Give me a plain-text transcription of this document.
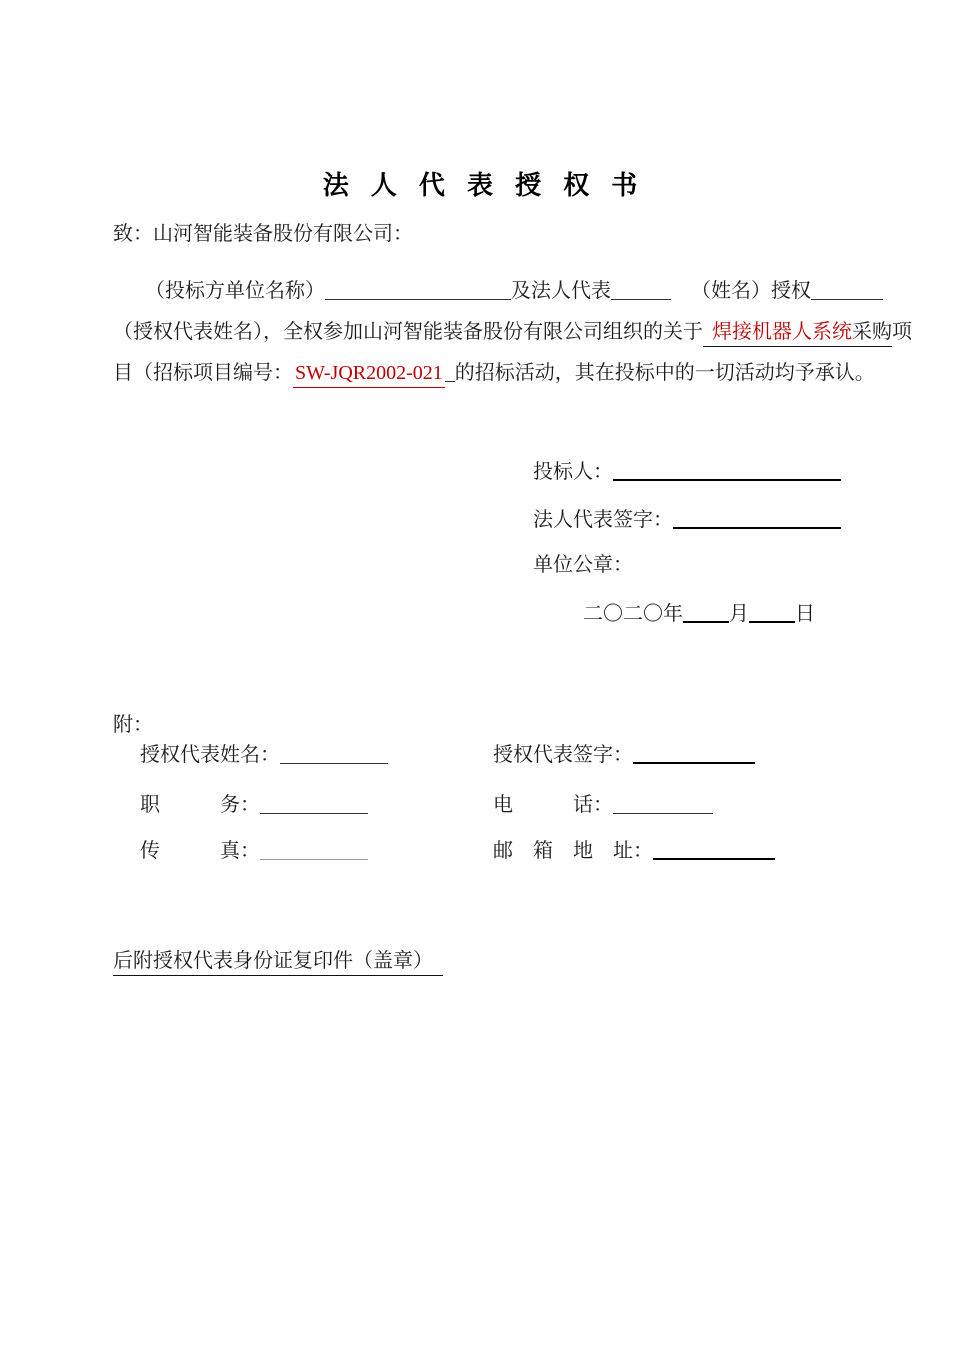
法人代表授权书
致：山河智能装备股份有限公司：
（投标方单位名称）	及法人代表	（姓名）授权
（授权代表姓名），全权参加山河智能装备股份有限公司组织的关于 焊接机器人系统采购项
目（招标项目编号： SW-JQR2002-021 的招标活动，其在投标中的一切活动均予承认。
投标人：
法人代表签字：
单位公章：
二〇二〇年 月 日
附：
授权代表姓名：	授权代表签字：
职　　　务：	电　　　话：
传　　　真：	邮　箱　地　址：
后附授权代表身份证复印件（盖章）
